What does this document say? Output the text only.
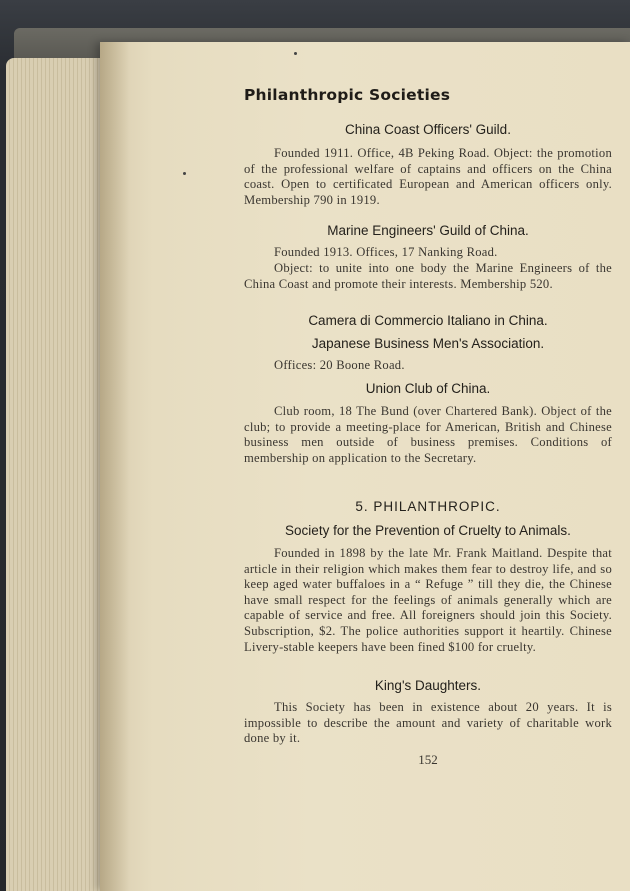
Philanthropic Societies
China Coast Officers' Guild.
Founded 1911. Office, 4B Peking Road. Object: the promotion of the professional welfare of captains and officers on the China coast. Open to certificated European and American officers only. Membership 790 in 1919.
Marine Engineers' Guild of China.
Founded 1913. Offices, 17 Nanking Road.
Object: to unite into one body the Marine Engineers of the China Coast and promote their interests. Membership 520.
Camera di Commercio Italiano in China.
Japanese Business Men's Association.
Offices: 20 Boone Road.
Union Club of China.
Club room, 18 The Bund (over Chartered Bank). Object of the club; to provide a meeting-place for American, British and Chinese business men outside of business premises. Conditions of membership on application to the Secretary.
5. PHILANTHROPIC.
Society for the Prevention of Cruelty to Animals.
Founded in 1898 by the late Mr. Frank Maitland. Despite that article in their religion which makes them fear to destroy life, and so keep aged water buffaloes in a “ Refuge ” till they die, the Chinese have small respect for the feelings of animals generally which are capable of service and free. All foreigners should join this Society. Subscription, $2. The police authorities support it heartily. Chinese Livery-stable keepers have been fined $100 for cruelty.
King's Daughters.
This Society has been in existence about 20 years. It is impossible to describe the amount and variety of charitable work done by it.
152
